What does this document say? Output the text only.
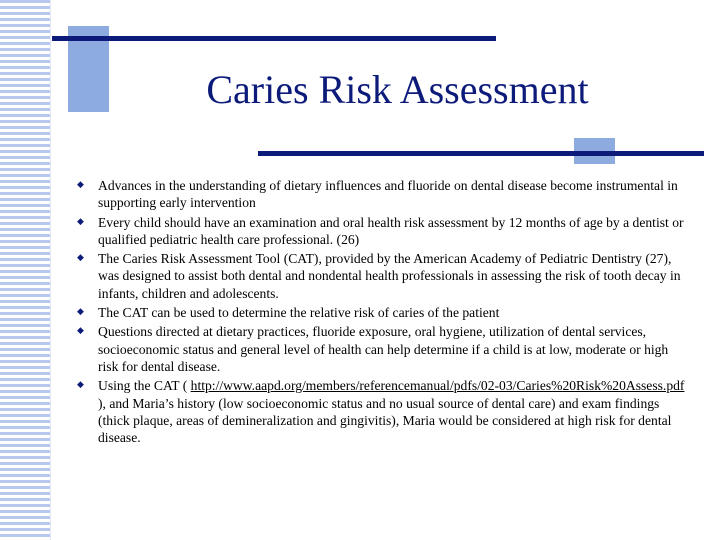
Caries Risk Assessment
◆ Advances in the understanding of dietary influences and fluoride on dental disease become instrumental in supporting early intervention
◆ Every child should have an examination and oral health risk assessment by 12 months of age by a dentist or qualified pediatric health care professional. (26)
◆ The Caries Risk Assessment Tool (CAT), provided by the American Academy of Pediatric Dentistry (27), was designed to assist both dental and nondental health professionals in assessing the risk of tooth decay in infants, children and adolescents.
◆ The CAT can be used to determine the relative risk of caries of the patient
◆ Questions directed at dietary practices, fluoride exposure, oral hygiene, utilization of dental services, socioeconomic status and general level of health can help determine if a child is at low, moderate or high risk for dental disease.
◆ Using the CAT ( http://www.aapd.org/members/referencemanual/pdfs/02-03/Caries%20Risk%20Assess.pdf ), and Maria’s history (low socioeconomic status and no usual source of dental care) and exam findings (thick plaque, areas of demineralization and gingivitis), Maria would be considered at high risk for dental disease.
